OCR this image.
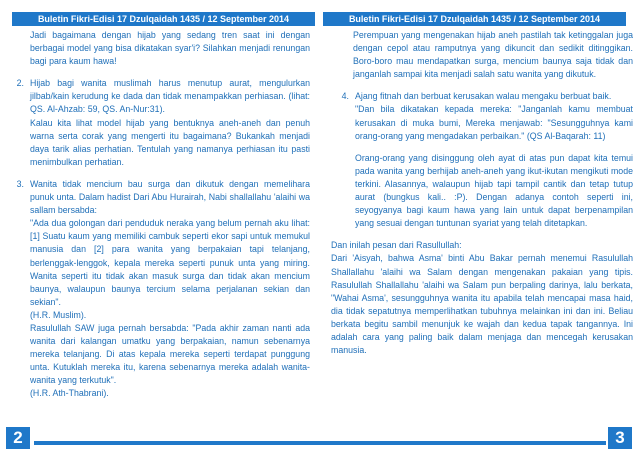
Buletin Fikri-Edisi 17 Dzulqaidah 1435 / 12 September 2014

Jadi bagaimana dengan hijab yang sedang tren saat ini dengan berbagai model yang bisa dikatakan syar'i? Silahkan menjadi renungan bagi para kaum hawa!

2. Hijab bagi wanita muslimah harus menutup aurat, mengulurkan jilbab/kain kerudung ke dada dan tidak menampakkan perhiasan. (lihat: QS. Al-Ahzab: 59, QS. An-Nur:31).

Kalau kita lihat model hijab yang bentuknya aneh-aneh dan penuh warna serta corak yang mengerti itu bagaimana? Bukankah menjadi daya tarik alias perhatian. Tentulah yang namanya perhiasan itu pasti menimbulkan perhatian.

3. Wanita tidak mencium bau surga dan dikutuk dengan memelihara punuk unta. Dalam hadist Dari Abu Hurairah, Nabi shallallahu 'alaihi wa sallam bersabda:

"Ada dua golongan dari penduduk neraka yang belum pernah aku lihat: [1] Suatu kaum yang memiliki cambuk seperti ekor sapi untuk memukul manusia dan [2] para wanita yang berpakaian tapi telanjang, berlenggak-lenggok, kepala mereka seperti punuk unta yang miring. Wanita seperti itu tidak akan masuk surga dan tidak akan mencium baunya, walaupun baunya tercium selama perjalanan sekian dan sekian".

(H.R. Muslim).

Rasulullah SAW juga pernah bersabda: "Pada akhir zaman nanti ada wanita dari kalangan umatku yang berpakaian, namun sebenarnya mereka telanjang. Di atas kepala mereka seperti terdapat punggung unta. Kutuklah mereka itu, karena sebenarnya mereka adalah wanita-wanita yang terkutuk".

(H.R. Ath-Thabrani).

2
Buletin Fikri-Edisi 17 Dzulqaidah 1435 / 12 September 2014

Perempuan yang mengenakan hijab aneh pastilah tak ketinggalan juga dengan cepol atau ramputnya yang dikuncit dan sedikit ditinggikan. Boro-boro mau mendapatkan surga, mencium baunya saja tidak dan janganlah sampai kita menjadi salah satu wanita yang dikutuk.

4. Ajang fitnah dan berbuat kerusakan walau mengaku berbuat baik.

"Dan bila dikatakan kepada mereka: "Janganlah kamu membuat kerusakan di muka bumi, Mereka menjawab: "Sesungguhnya kami orang-orang yang mengadakan perbaikan." (QS Al-Baqarah: 11)

Orang-orang yang disinggung oleh ayat di atas pun dapat kita temui pada wanita yang berhijab aneh-aneh yang ikut-ikutan mengikuti mode terkini. Alasannya, walaupun hijab tapi tampil cantik dan tetap tutup aurat (bungkus kali.. :P). Dengan adanya contoh seperti ini, seyogyanya bagi kaum hawa yang lain untuk dapat berpenampilan yang sesuai dengan tuntunan syariat yang telah ditetapkan.

Dan inilah pesan dari Rasullullah:

Dari 'Aisyah, bahwa Asma' binti Abu Bakar pernah menemui Rasulullah Shallallahu 'alaihi wa Salam dengan mengenakan pakaian yang tipis. Rasulullah Shallallahu 'alaihi wa Salam pun berpaling darinya, lalu berkata, "Wahai Asma', sesungguhnya wanita itu apabila telah mencapai masa haid, dia tidak sepatutnya memperlihatkan tubuhnya melainkan ini dan ini. Beliau berkata begitu sambil menunjuk ke wajah dan kedua tapak tangannya. Ini adalah cara yang paling baik dalam menjaga dan mencegah kerusakan manusia.

3
